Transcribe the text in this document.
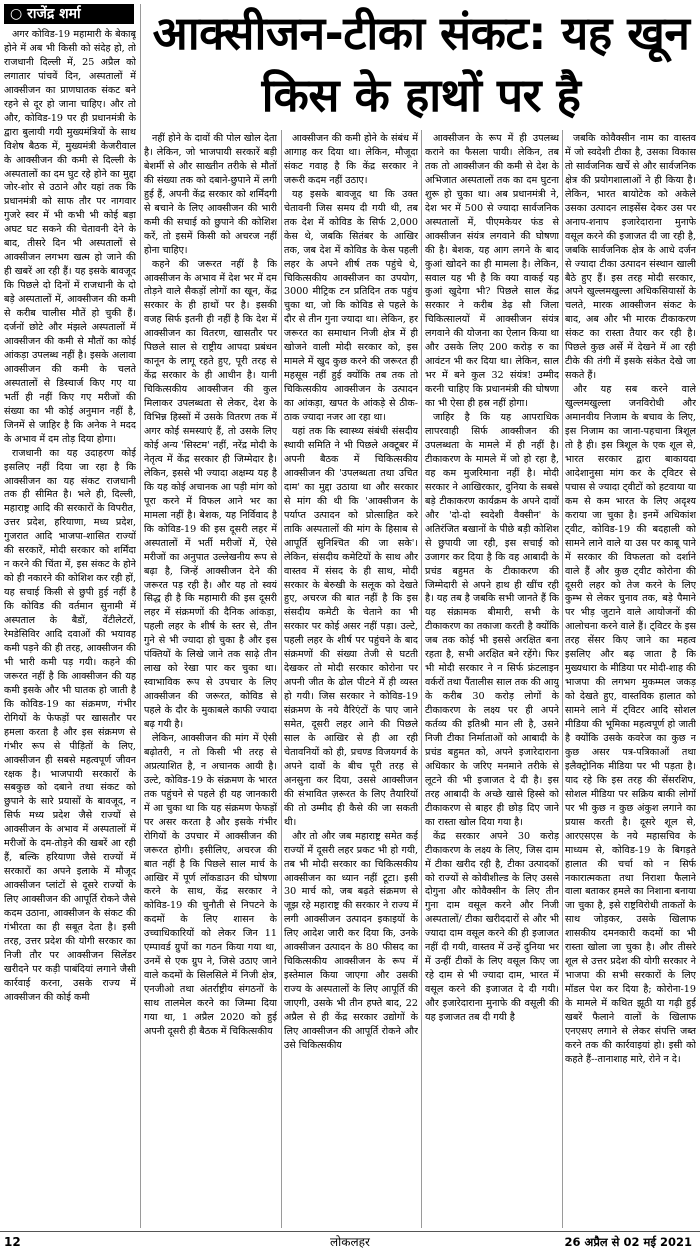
○ राजेंद्र शर्मा	आक्सीजन-टीका संकट: यह खून
किस के हाथों पर है

अगर कोविड-19 महामारी के बेकाबू होने में अब भी किसी को संदेह हो, तो राजधानी दिल्ली में, 25 अप्रैल को लगातार पांचवें दिन, अस्पतालों में आक्सीजन का प्राणघातक संकट बने रहने से दूर हो जाना चाहिए। और तो और, कोविड-19 पर ही प्रधानमंत्री के द्वारा बुलायी गयी मुख्यमंत्रियों के साथ विशेष बैठक में, मुख्यमंत्री केजरीवाल के आक्सीजन की कमी से दिल्ली के अस्पतालों का दम घुट रहे होने का मुद्दा जोर-शोर से उठाने और यहां तक कि प्रधानमंत्री को साफ तौर पर नागवार गुजरे स्वर में भी कभी भी कोई बड़ा अघट घट सकने की चेतावनी देने के बाद, तीसरे दिन भी अस्पतालों से आक्सीजन लगभग खत्म हो जाने की ही खबरें आ रही हैं। यह इसके बावजूद कि पिछले दो दिनों में राजधानी के दो बड़े अस्पतालों में, आक्सीजन की कमी से करीब चालीस मौतें हो चुकी हैं। दर्जनों छोटे और मंझले अस्पतालों में आक्सीजन की कमी से मौतों का कोई आंकड़ा उपलब्ध नहीं है। इसके अलावा आक्सीजन की कमी के चलते अस्पतालों से डिस्चार्ज किए गए या भर्ती ही नहीं किए गए मरीजों की संख्या का भी कोई अनुमान नहीं है, जिनमें से जाहिर है कि अनेक ने मदद के अभाव में दम तोड़ दिया होगा।

राजधानी का यह उदाहरण कोई इसलिए नहीं दिया जा रहा है कि आक्सीजन का यह संकट राजधानी तक ही सीमित है। भले ही, दिल्ली, महाराष्ट्र आदि की सरकारों के विपरीत, उत्तर प्रदेश, हरियाणा, मध्य प्रदेश, गुजरात आदि भाजपा-शासित राज्यों की सरकारें, मोदी सरकार को शर्मिंदा न करने की चिंता में, इस संकट के होने को ही नकारने की कोशिश कर रही हों, यह सचाई किसी से छुपी हुई नहीं है कि कोविड की वर्तमान सुनामी में अस्पताल के बैडों, वेंटीलेटरों, रेमडेसिविर आदि दवाओं की भयावह कमी पड़ने की ही तरह, आक्सीजन की भी भारी कमी पड़ गयी। कहने की जरूरत नहीं है कि आक्सीजन की यह कमी इसके और भी घातक हो जाती है कि कोविड-19 का संक्रमण, गंभीर रोगियों के फेफड़ों पर खासतौर पर हमला करता है और इस संक्रमण से गंभीर रूप से पीड़ितों के लिए, आक्सीजन ही सबसे महत्वपूर्ण जीवन रक्षक है। भाजपायी सरकारों के सबकुछ को दबाने तथा संकट को छुपाने के सारे प्रयासों के बावजूद, न सिर्फ मध्य प्रदेश जैसे राज्यों से आक्सीजन के अभाव में अस्पतालों में मरीजों के दम-तोड़ने की खबरें आ रही हैं, बल्कि हरियाणा जैसे राज्यों में सरकारों का अपने इलाके में मौजूद आक्सीजन प्लांटों से दूसरे राज्यों के लिए आक्सीजन की आपूर्ति रोकने जैसे कदम उठाना, आक्सीजन के संकट की गंभीरता का ही सबूत देता है। इसी तरह, उत्तर प्रदेश की योगी सरकार का निजी तौर पर आक्सीजन सिलेंडर खरीदने पर कड़ी पाबंदियां लगाने जैसी कार्रवाई करना, उसके राज्य में आक्सीजन की कोई कमी

नहीं होने के दावों की पोल खोल देता है। लेकिन, जो भाजपायी सरकारें बड़ी बेशर्मी से और साख्तीन तरीके से मौतों की संख्या तक को दबाने-छुपाने में लगी हुई हैं, अपनी केंद्र सरकार को शर्मिंदगी से बचाने के लिए आक्सीजन की भारी कमी की सचाई को छुपाने की कोशिश करें, तो इसमें किसी को अचरज नहीं होना चाहिए।

कहने की जरूरत नहीं है कि आक्सीजन के अभाव में देश भर में दम तोड़ने वाले सैकड़ों लोगों का खून, केंद्र सरकार के ही हाथों पर है। इसकी वजह सिर्फ इतनी ही नहीं है कि देश में आक्सीजन का वितरण, खासतौर पर पिछले साल से राष्ट्रीय आपदा प्रबंधन कानून के लागू रहते हुए, पूरी तरह से केंद्र सरकार के ही आधीन है। यानी चिकित्सकीय आक्सीजन की कुल मिलाकर उपलब्धता से लेकर, देश के विभिन्न हिस्सों में उसके वितरण तक में अगर कोई समस्याएं हैं, तो उसके लिए कोई अन्य 'सिस्टम' नहीं, नरेंद्र मोदी के नेतृत्व में केंद्र सरकार ही जिम्मेदार है। लेकिन, इससे भी ज्यादा अक्षम्य यह है कि यह कोई अचानक आ पड़ी मांग को पूरा करने में विफल आने भर का मामला नहीं है। बेशक, यह निर्विवाद है कि कोविड-19 की इस दूसरी लहर में अस्पतालों में भर्ती मरीजों में, ऐसे मरीजों का अनुपात उल्लेखनीय रूप से बढ़ा है, जिन्हें आक्सीजन देने की जरूरत पड़ रही है। और यह तो स्वयं सिद्ध ही है कि महामारी की इस दूसरी लहर में संक्रमणों की दैनिक आंकड़ा, पहली लहर के शीर्ष के स्तर से, तीन गुने से भी ज्यादा हो चुका है और इस पंक्तियों के लिखे जाने तक साढ़े तीन लाख को रेखा पार कर चुका था। स्वाभाविक रूप से उपचार के लिए आक्सीजन की जरूरत, कोविड से पहले के दौर के मुकाबले काफी ज्यादा बढ़ गयी है।

लेकिन, आक्सीजन की मांग में ऐसी बढ़ोतरी, न तो किसी भी तरह से अप्रत्याशित है, न अचानक आयी है। उल्टे, कोविड-19 के संक्रमण के भारत तक पहुंचने से पहले ही यह जानकारी में आ चुका था कि यह संक्रमण फेफड़ों पर असर करता है और इसके गंभीर रोगियों के उपचार में आक्सीजन की जरूरत होगी। इसीलिए, अचरज की बात नहीं है कि पिछले साल मार्च के आखिर में पूर्ण लॉकडाउन की घोषणा करने के साथ, केंद्र सरकार ने कोविड-19 की चुनौती से निपटने के कदमों के लिए शासन के उच्चाधिकारियों को लेकर जिन 11 एम्पावर्ड ग्रुपों का गठन किया गया था, उनमें से एक ग्रुप ने, जिसे उठाए जाने वाले कदमों के सिलसिले में निजी क्षेत्र, एनजीओ तथा अंतर्राष्ट्रीय संगठनों के साथ तालमेल करने का जिम्मा दिया गया था, 1 अप्रैल 2020 को हुई अपनी दूसरी ही बैठक में चिकित्सकीय

आक्सीजन की कमी होने के संबंध में आगाह कर दिया था। लेकिन, मौजूदा संकट गवाह है कि केंद्र सरकार ने जरूरी कदम नहीं उठाए।

यह इसके बावजूद था कि उक्त चेतावनी जिस समय दी गयी थी, तब तक देश में कोविड के सिर्फ 2,000 केस थे, जबकि सितंबर के आखिर तक, जब देश में कोविड के केस पहली लहर के अपने शीर्ष तक पहुंचे थे, चिकित्सकीय आक्सीजन का उपयोग, 3000 मीट्रिक टन प्रतिदिन तक पहुंच चुका था, जो कि कोविड से पहले के दौर से तीन गुना ज्यादा था। लेकिन, हर जरूरत का समाधान निजी क्षेत्र में ही खोजने वाली मोदी सरकार को, इस मामले में खुद कुछ करने की जरूरत ही महसूस नहीं हुई क्योंकि तब तक तो चिकित्सकीय आक्सीजन के उत्पादन का आंकड़ा, खपत के आंकड़े से ठीक-ठाक ज्यादा नजर आ रहा था।

यहां तक कि स्वास्थ्य संबंधी संसदीय स्थायी समिति ने भी पिछले अक्टूबर में अपनी बैठक में चिकित्सकीय आक्सीजन की 'उपलब्धता तथा उचित दाम' का मुद्दा उठाया था और सरकार से मांग की थी कि 'आक्सीजन के पर्याप्त उत्पादन को प्रोत्साहित करे ताकि अस्पतालों की मांग के हिसाब से आपूर्ति सुनिश्चित की जा सके'। लेकिन, संसदीय कमेटियों के साथ और वास्तव में संसद के ही साथ, मोदी सरकार के बेरुखी के सलूक को देखते हुए, अचरज की बात नहीं है कि इस संसदीय कमेटी के चेताने का भी सरकार पर कोई असर नहीं पड़ा। उल्टे, पहली लहर के शीर्ष पर पहुंचने के बाद संक्रमणों की संख्या तेजी से घटती देखकर तो मोदी सरकार कोरोना पर अपनी जीत के ढोल पीटने में ही व्यस्त हो गयी। जिस सरकार ने कोविड-19 संक्रमण के नये वैरिएंटों के पाए जाने समेत, दूसरी लहर आने की पिछले साल के आखिर से ही आ रही चेतावनियों को ही, प्रचण्ड विजयगर्व के अपने दावों के बीच पूरी तरह से अनसुना कर दिया, उससे आक्सीजन की संभावित ज़रूरत के लिए तैयारियों की तो उम्मीद ही कैसे की जा सकती थी।

और तो और जब महाराष्ट्र समेत कई राज्यों में दूसरी लहर प्रकट भी हो गयी, तब भी मोदी सरकार का चिकित्सकीय आक्सीजन का ध्यान नहीं टूटा। इसी 30 मार्च को, जब बढ़ते संक्रमण से जूझ रहे महाराष्ट्र की सरकार ने राज्य में लगी आक्सीजन उत्पादन इकाइयों के लिए आदेश जारी कर दिया कि, उनके आक्सीजन उत्पादन के 80 फीसद का चिकित्सकीय आक्सीजन के रूप में इस्तेमाल किया जाएगा और उसकी राज्य के अस्पतालों के लिए आपूर्ति की जाएगी, उसके भी तीन हफ्ते बाद, 22 अप्रैल से ही केंद्र सरकार उद्योगों के लिए आक्सीजन की आपूर्ति रोकने और उसे चिकित्सकीय

आक्सीजन के रूप में ही उपलब्ध कराने का फैसला पायी। लेकिन, तब तक तो आक्सीजन की कमी से देश के अभिजात अस्पतालों तक का दम घुटना शुरू हो चुका था। अब प्रधानमंत्री ने, देश भर में 500 से ज्यादा सार्वजनिक अस्पतालों में, पीएमकेयर फंड से आक्सीजन संयंत्र लगवाने की घोषणा की है। बेशक, यह आग लगने के बाद कुआं खोदने का ही मामला है। लेकिन, सवाल यह भी है कि क्या वाकई यह कुआं खुदेगा भी? पिछले साल केंद्र सरकार ने करीब डेढ़ सौ जिला चिकित्सालयों में आक्सीजन संयंत्र लगवाने की योजना का ऐलान किया था और उसके लिए 200 करोड़ रु का आवंटन भी कर दिया था। लेकिन, साल भर में बने कुल 32 संयंत्र! उम्मीद करनी चाहिए कि प्रधानमंत्री की घोषणा का भी ऐसा ही हस्र नहीं होगा।

जाहिर है कि यह आपराधिक लापरवाही सिर्फ आक्सीजन की उपलब्धता के मामले में ही नहीं है। टीकाकरण के मामले में जो हो रहा है, वह कम मुजरिमाना नहीं है। मोदी सरकार ने आखिरकार, दुनिया के सबसे बड़े टीकाकरण कार्यक्रम के अपने दावों और 'दो-दो स्वदेशी वैक्सीन' के अतिरंजित बखानों के पीछे बड़ी कोशिश से छुपायी जा रही, इस सचाई को उजागर कर दिया है कि वह आबादी के प्रचंड बहुमत के टीकाकरण की जिम्मेदारी से अपने हाथ ही खींच रही है। यह तब है जबकि सभी जानते हैं कि यह संक्रामक बीमारी, सभी के टीकाकरण का तकाजा करती है क्योंकि जब तक कोई भी इससे अरक्षित बना रहता है, सभी अरक्षित बने रहेंगे। फिर भी मोदी सरकार ने न सिर्फ फ्रंटलाइन वर्करों तथा पैंतालीस साल तक की आयु के करीब 30 करोड़ लोगों के टीकाकरण के लक्ष्य पर ही अपने कर्तव्य की इतिश्री मान ली है, उसने निजी टीका निर्माताओं को आबादी के प्रचंड बहुमत को, अपने इजारेदाराना अधिकार के जरिए मनमाने तरीके से लूटने की भी इजाजत दे दी है। इस तरह आबादी के अच्छे खासे हिस्से को टीकाकरण से बाहर ही छोड़ दिए जाने का रास्ता खोल दिया गया है।

केंद्र सरकार अपने 30 करोड़ टीकाकरण के लक्ष्य के लिए, जिस दाम में टीका खरीद रही है, टीका उत्पादकों को राज्यों से कोवीशील्ड के लिए उससे दोगुना और कोवैक्सीन के लिए तीन गुना दाम वसूल करने और निजी अस्पतालों/ टीका खरीददारों से और भी ज्यादा दाम वसूल करने की ही इजाजत नहीं दी गयी, वास्तव में उन्हें दुनिया भर में उन्हीं टीकों के लिए वसूल किए जा रहे दाम से भी ज्यादा दाम, भारत में वसूल करने की इजाजत दे दी गयी। और इजारेदाराना मुनाफे की वसूली की यह इजाजत तब दी गयी है

जबकि कोवैक्सीन नाम का वास्तव में जो स्वदेशी टीका है, उसका विकास तो सार्वजनिक खर्चे से और सार्वजनिक क्षेत्र की प्रयोगशालाओं ने ही किया है। लेकिन, भारत बायोटेक को अकेले उसका उत्पादन लाइसेंस देकर उस पर अनाप-शनाप इजारेदाराना मुनाफे वसूल करने की इजाजत दी जा रही है, जबकि सार्वजनिक क्षेत्र के आधे दर्जन से ज्यादा टीका उत्पादन संस्थान खाली बैठे हुए हैं। इस तरह मोदी सरकार, अपने खुल्लमखुल्ला अधिकसियासों के चलते, मारक आक्सीजन संकट के बाद, अब और भी मारक टीकाकरण संकट का रास्ता तैयार कर रही है। पिछले कुछ अर्से में देखने में आ रही टीके की तंगी में इसके संकेत देखे जा सकते हैं।

और यह सब करने वाले खुल्लमखुल्ला जनविरोधी और अमानवीय निजाम के बचाव के लिए, इस निजाम का जाना-पहचाना त्रिशूल तो है ही। इस त्रिशूल के एक शूल से, भारत सरकार द्वारा बाकायदा आदेशानुसा मांग कर के ट्विटर से पचास से ज्यादा ट्वीटों को हटवाया या कम से कम भारत के लिए अदृश्य कराया जा चुका है। इनमें अधिकांश ट्वीट, कोविड-19 की बदहाली को सामने लाने वाले या उस पर काबू पाने में सरकार की विफलता को दर्शाने वाले हैं और कुछ ट्वीट कोरोना की दूसरी लहर को तेज करने के लिए कुम्भ से लेकर चुनाव तक, बड़े पैमाने पर भीड़ जुटाने वाले आयोजनों की आलोचना करने वाले हैं। ट्विटर के इस तरह सेंसर किए जाने का महत्व इसलिए और बढ़ जाता है कि मुख्यधारा के मीडिया पर मोदी-शाह की भाजपा की लगभग मुकम्मल जकड़ को देखते हुए, वास्तविक हालात को सामने लाने में ट्विटर आदि सोशल मीडिया की भूमिका महत्वपूर्ण हो जाती है क्योंकि उसके कवरेज का कुछ न कुछ असर पत्र-पत्रिकाओं तथा इलैक्ट्रोनिक मीडिया पर भी पड़ता है। याद रहे कि इस तरह की सेंसरशिप, सोशल मीडिया पर सक्रिय बाकी लोगों पर भी कुछ न कुछ अंकुश लगाने का प्रयास करती है। दूसरे शूल से, आरएसएस के नये महासचिव के माध्यम से, कोविड-19 के बिगड़ते हालात की चर्चा को न सिर्फ नकारात्मकता तथा निराशा फैलाने वाला बताकर हमले का निशाना बनाया जा चुका है, इसे राष्ट्रविरोधी ताकतों के साथ जोड़कर, उसके खिलाफ शासकीय दमनकारी कदमों का भी रास्ता खोला जा चुका है। और तीसरे शूल से उत्तर प्रदेश की योगी सरकार ने भाजपा की सभी सरकारों के लिए मॉडल पेश कर दिया है; कोरोना-19 के मामले में कथित झूठी या गढ़ी हुई खबरें फैलाने वालों के खिलाफ एनएसए लगाने से लेकर संपत्ति जब्त करने तक की कार्रवाइयां हो। इसी को कहते हैं--तानाशाह मारे, रोने न दे।

12	लोकलहर	26 अप्रैल से 02 मई 2021
